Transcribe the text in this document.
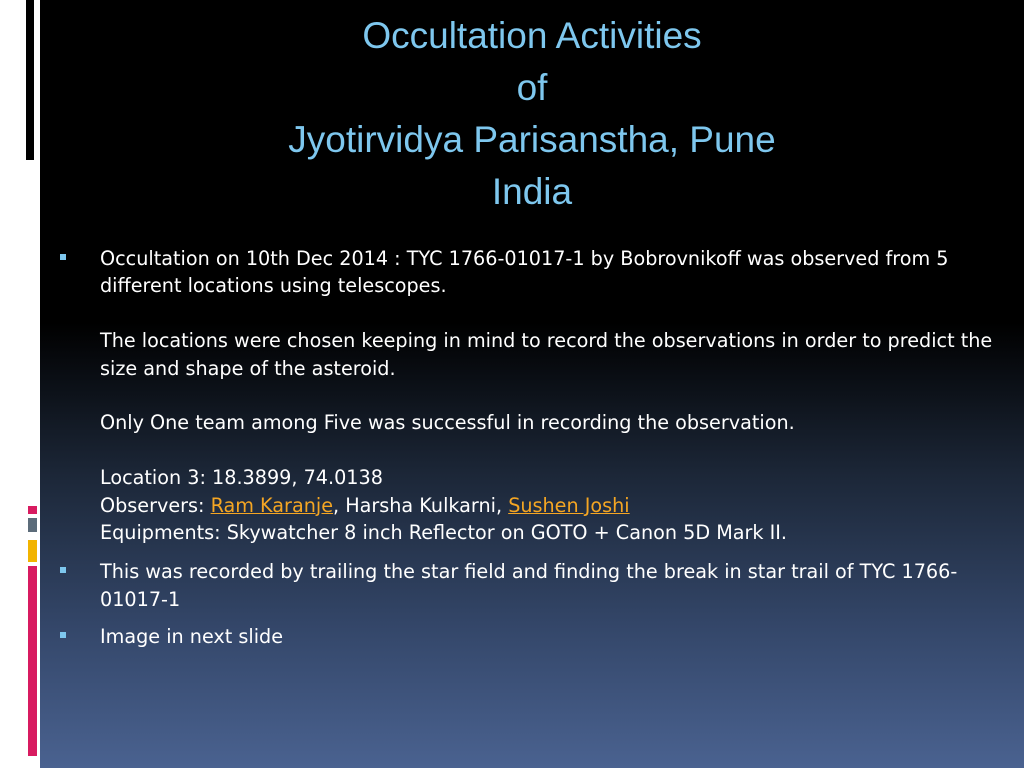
Occultation Activities
of
Jyotirvidya Parisanstha, Pune
India

Occultation on 10th Dec 2014 : TYC 1766-01017-1 by Bobrovnikoff was observed from 5 different locations using telescopes.

The locations were chosen keeping in mind to record the observations in order to predict the size and shape of the asteroid.

Only One team among Five was successful in recording the observation.

Location 3: 18.3899, 74.0138

Observers: Ram Karanje, Harsha Kulkarni, Sushen Joshi

Equipments: Skywatcher 8 inch Reflector on GOTO + Canon 5D Mark II.

This was recorded by trailing the star field and finding the break in star trail of TYC 1766-01017-1

Image in next slide
